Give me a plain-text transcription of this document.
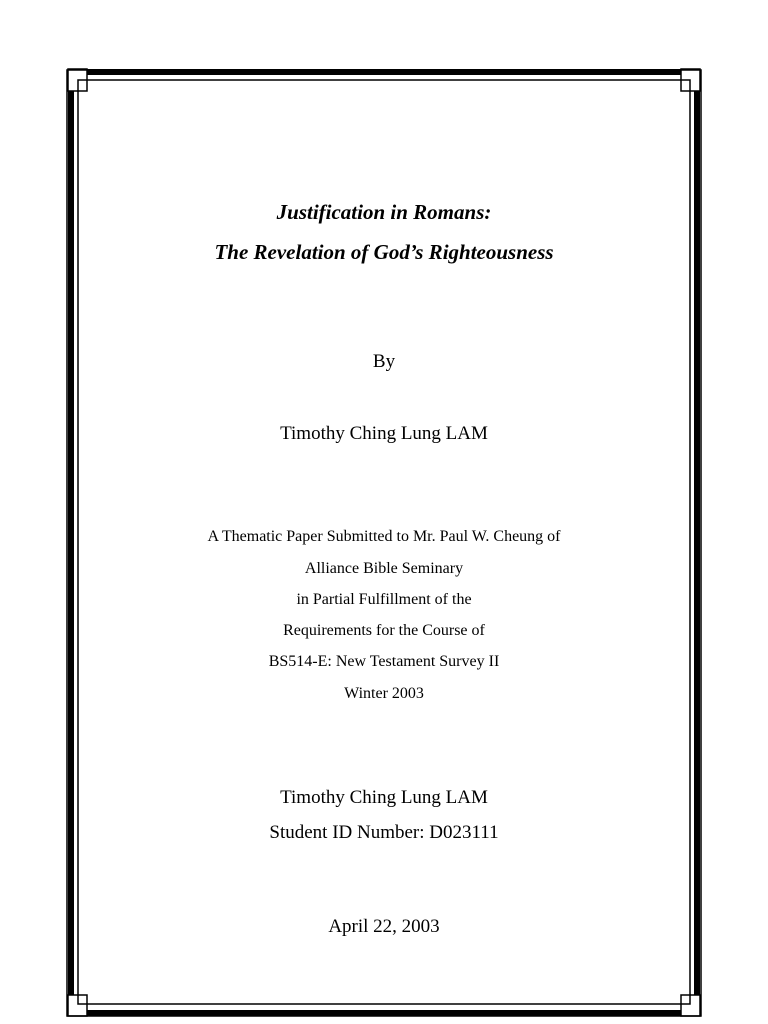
Justification in Romans:

The Revelation of God’s Righteousness

By

Timothy Ching Lung LAM

A Thematic Paper Submitted to Mr. Paul W. Cheung of

Alliance Bible Seminary

in Partial Fulfillment of the

Requirements for the Course of

BS514-E: New Testament Survey II

Winter 2003

Timothy Ching Lung LAM

Student ID Number: D023111

April 22, 2003
